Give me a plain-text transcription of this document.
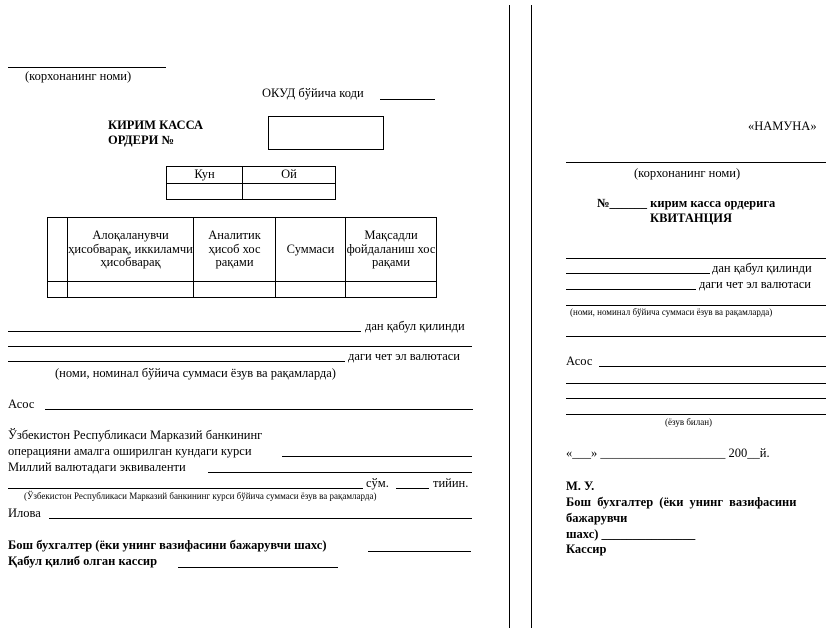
(корхонанинг номи)
ОКУД бўйича коди
КИРИМ КАССА
ОРДЕРИ №
Кун	Ой

	Алоқаланувчи ҳисобварақ, иккиламчи ҳисобварақ	Аналитик ҳисоб хос рақами	Суммаси	Мақсадли фойдаланиш хос рақами

дан қабул қилинди
даги чет эл валютаси
(номи, номинал бўйича суммаси ёзув ва рақамларда)
Асос
Ўзбекистон Республикаси Марказий банкининг
операцияни амалга оширилган кундаги курси
Миллий валютадаги эквиваленти
сўм.	тийин.
(Ўзбекистон Республикаси Марказий банкининг курси бўйича суммаси ёзув ва рақамларда)
Илова
Бош бухгалтер (ёки унинг вазифасини бажарувчи шахс)
Қабул қилиб олган кассир
«НАМУНА»
(корхонанинг номи)
№______ кирим касса ордерига
КВИТАНЦИЯ
дан қабул қилинди
даги чет эл валютаси
(номи, номинал бўйича суммаси ёзув ва рақамларда)
Асос
(ёзув билан)
«___» ____________________ 200__й.
М. У.
Бош бухгалтер (ёки унинг вазифасини
бажарувчи
шахс) _______________
Кассир
